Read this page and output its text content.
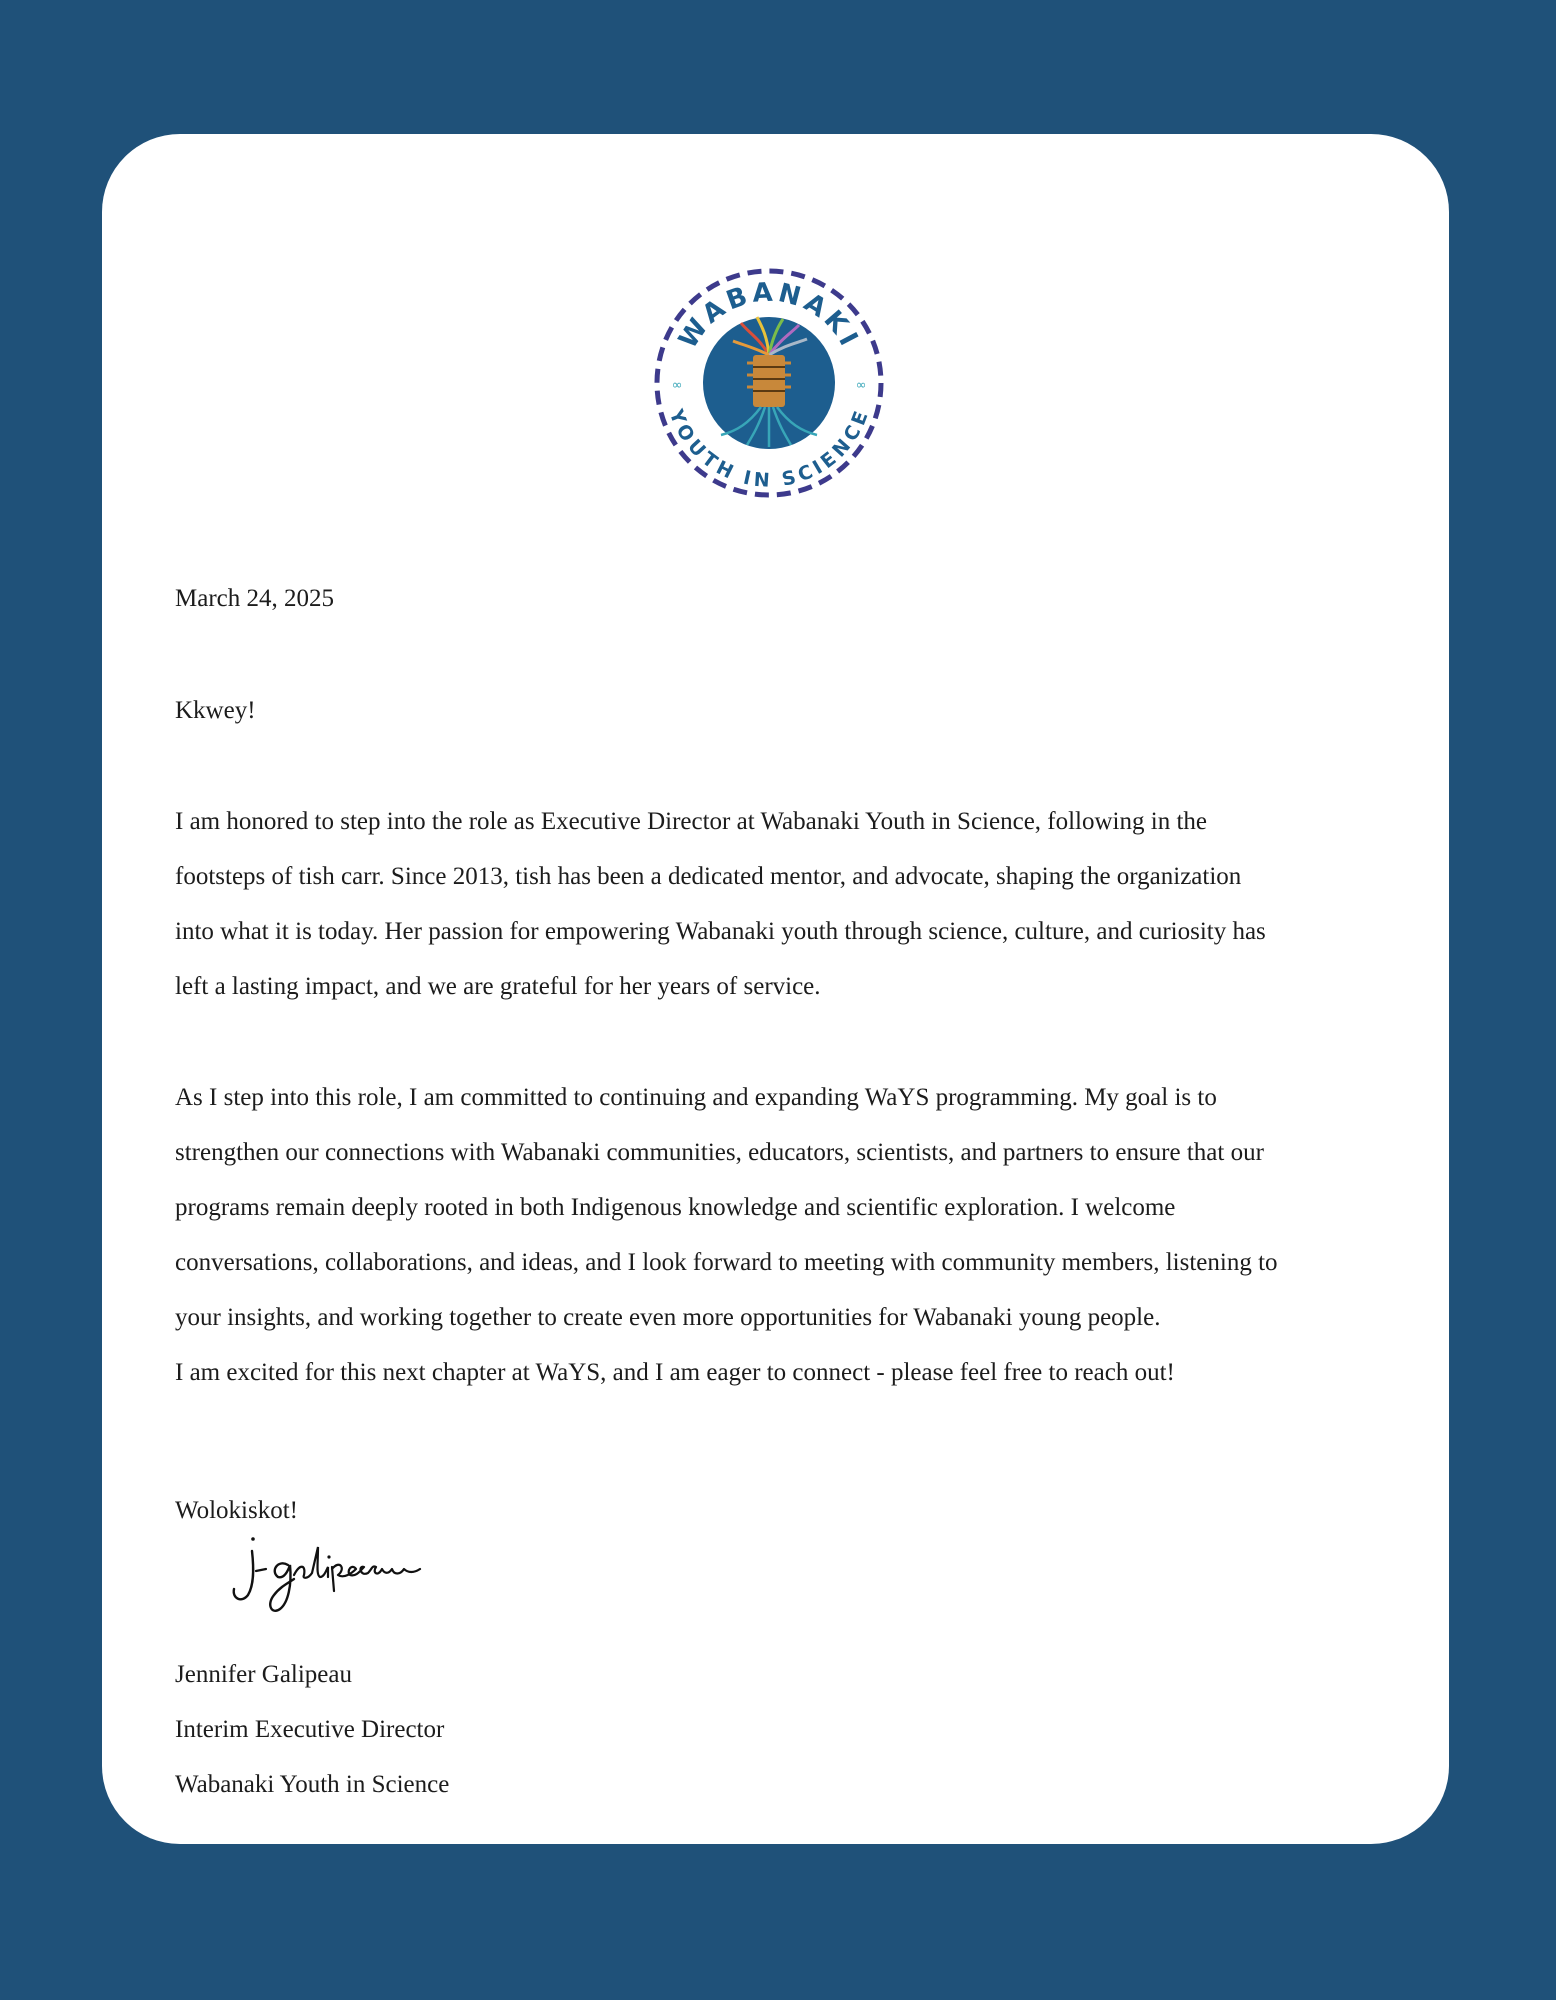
∞	∞
WABANAKI
YOUTH IN SCIENCE
March 24, 2025
Kkwey!
I am honored to step into the role as Executive Director at Wabanaki Youth in Science, following in the
footsteps of tish carr. Since 2013, tish has been a dedicated mentor, and advocate, shaping the organization
into what it is today. Her passion for empowering Wabanaki youth through science, culture, and curiosity has
left a lasting impact, and we are grateful for her years of service.
As I step into this role, I am committed to continuing and expanding WaYS programming. My goal is to
strengthen our connections with Wabanaki communities, educators, scientists, and partners to ensure that our
programs remain deeply rooted in both Indigenous knowledge and scientific exploration. I welcome
conversations, collaborations, and ideas, and I look forward to meeting with community members, listening to
your insights, and working together to create even more opportunities for Wabanaki young people.
I am excited for this next chapter at WaYS, and I am eager to connect - please feel free to reach out!
Wolokiskot!
Jennifer Galipeau
Interim Executive Director
Wabanaki Youth in Science
